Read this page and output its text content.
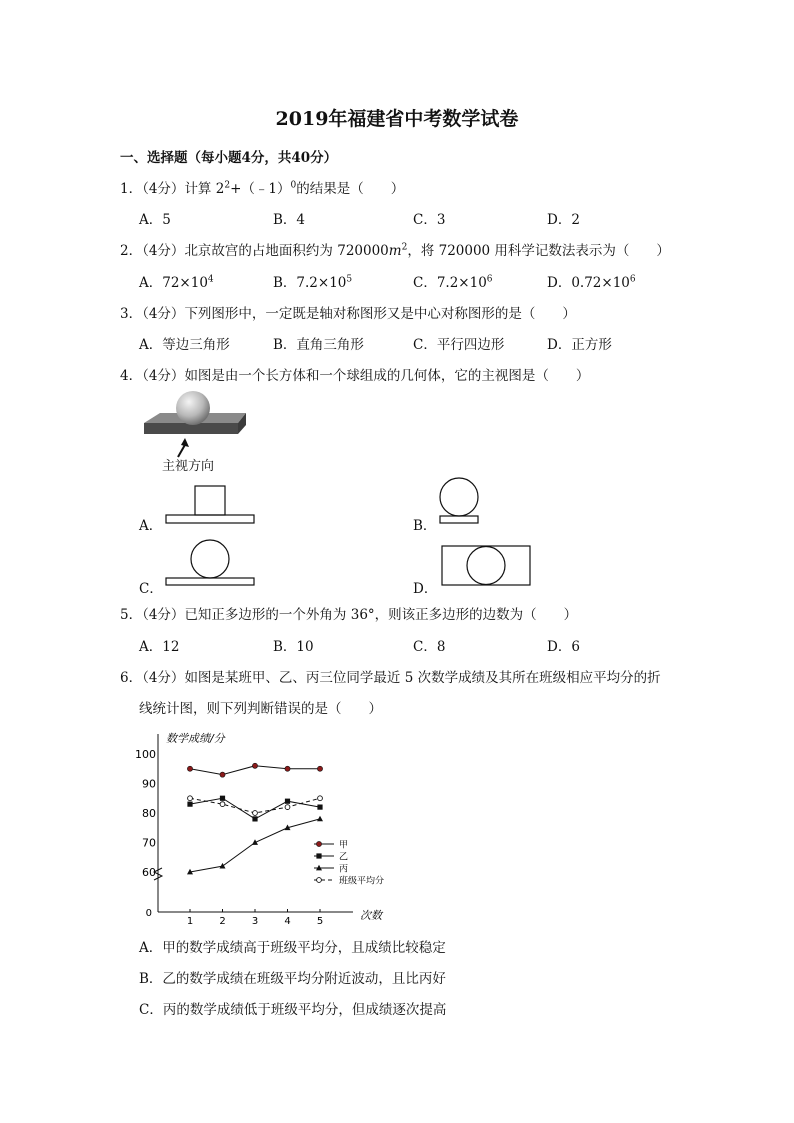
2019年福建省中考数学试卷
一、选择题（每小题4分，共40分）
1．（4分）计算 $2^2+(﹣1)^0$的结果是（　　）
A．5	B．4	C．3	D．2
2．（4分）北京故宫的占地面积约为 $720000m^2$，将 720000 用科学记数法表示为（　　）
A．$72\times 10^4$	B．$7.2\times 10^5$	C．$7.2\times 10^6$	D．$0.72\times 10^6$
3．（4分）下列图形中，一定既是轴对称图形又是中心对称图形的是（　　）
A．等边三角形	B．直角三角形	C．平行四边形	D．正方形
4．（4分）如图是由一个长方体和一个球组成的几何体，它的主视图是（　　）
主视方向
A．	B．
C．	D．
5．（4分）已知正多边形的一个外角为 36°，则该正多边形的边数为（　　）
A．12	B．10	C．8	D．6
6．（4分）如图是某班甲、乙、丙三位同学最近 5 次数学成绩及其所在班级相应平均分的折
线统计图，则下列判断错误的是（　　）
数学成绩/分
次数
0
60
70
80
90
100
1	2	3	4	5
甲
乙
丙
班级平均分
A．甲的数学成绩高于班级平均分，且成绩比较稳定
B．乙的数学成绩在班级平均分附近波动，且比丙好
C．丙的数学成绩低于班级平均分，但成绩逐次提高
